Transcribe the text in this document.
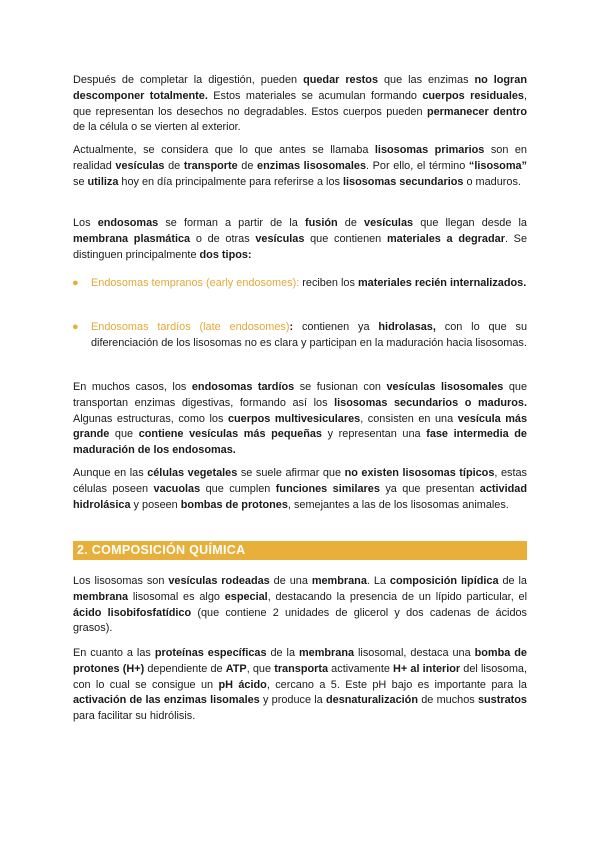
Después de completar la digestión, pueden quedar restos que las enzimas no logran descomponer totalmente. Estos materiales se acumulan formando cuerpos residuales, que representan los desechos no degradables. Estos cuerpos pueden permanecer dentro de la célula o se vierten al exterior.

Actualmente, se considera que lo que antes se llamaba lisosomas primarios son en realidad vesículas de transporte de enzimas lisosomales. Por ello, el término “lisosoma” se utiliza hoy en día principalmente para referirse a los lisosomas secundarios o maduros.

Los endosomas se forman a partir de la fusión de vesículas que llegan desde la membrana plasmática o de otras vesículas que contienen materiales a degradar. Se distinguen principalmente dos tipos:

● Endosomas tempranos (early endosomes): reciben los materiales recién internalizados.

● Endosomas tardíos (late endosomes): contienen ya hidrolasas, con lo que su diferenciación de los lisosomas no es clara y participan en la maduración hacia lisosomas.

En muchos casos, los endosomas tardíos se fusionan con vesículas lisosomales que transportan enzimas digestivas, formando así los lisosomas secundarios o maduros. Algunas estructuras, como los cuerpos multivesiculares, consisten en una vesícula más grande que contiene vesículas más pequeñas y representan una fase intermedia de maduración de los endosomas.

Aunque en las células vegetales se suele afirmar que no existen lisosomas típicos, estas células poseen vacuolas que cumplen funciones similares ya que presentan actividad hidrolásica y poseen bombas de protones, semejantes a las de los lisosomas animales.

2. COMPOSICIÓN QUÍMICA

Los lisosomas son vesículas rodeadas de una membrana. La composición lipídica de la membrana lisosomal es algo especial, destacando la presencia de un lípido particular, el ácido lisobifosfatídico (que contiene 2 unidades de glicerol y dos cadenas de ácidos grasos).

En cuanto a las proteínas específicas de la membrana lisosomal, destaca una bomba de protones (H+) dependiente de ATP, que transporta activamente H+ al interior del lisosoma, con lo cual se consigue un pH ácido, cercano a 5. Este pH bajo es importante para la activación de las enzimas lisomales y produce la desnaturalización de muchos sustratos para facilitar su hidrólisis.
